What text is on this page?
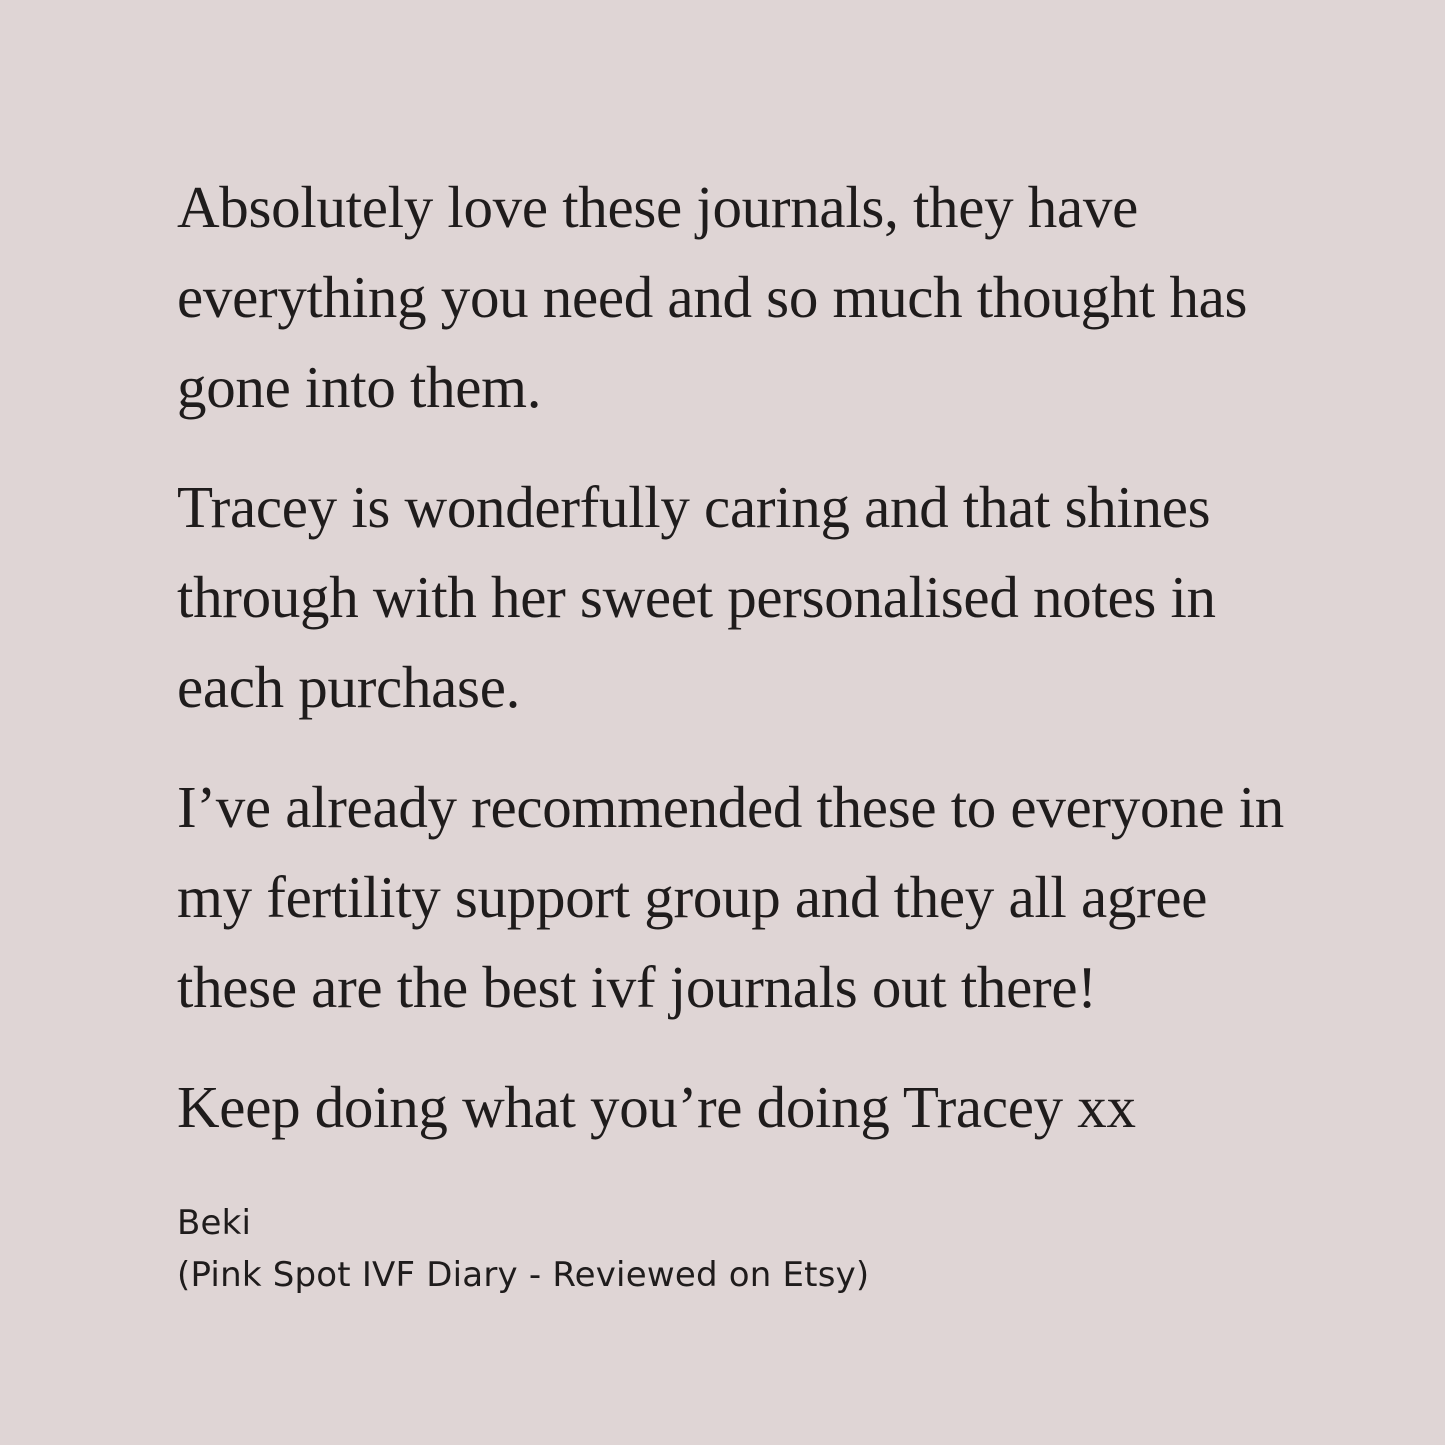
Absolutely love these journals, they have everything you need and so much thought has gone into them.

Tracey is wonderfully caring and that shines through with her sweet personalised notes in each purchase.

I’ve already recommended these to everyone in my fertility support group and they all agree these are the best ivf journals out there!

Keep doing what you’re doing Tracey xx

Beki
(Pink Spot IVF Diary - Reviewed on Etsy)
